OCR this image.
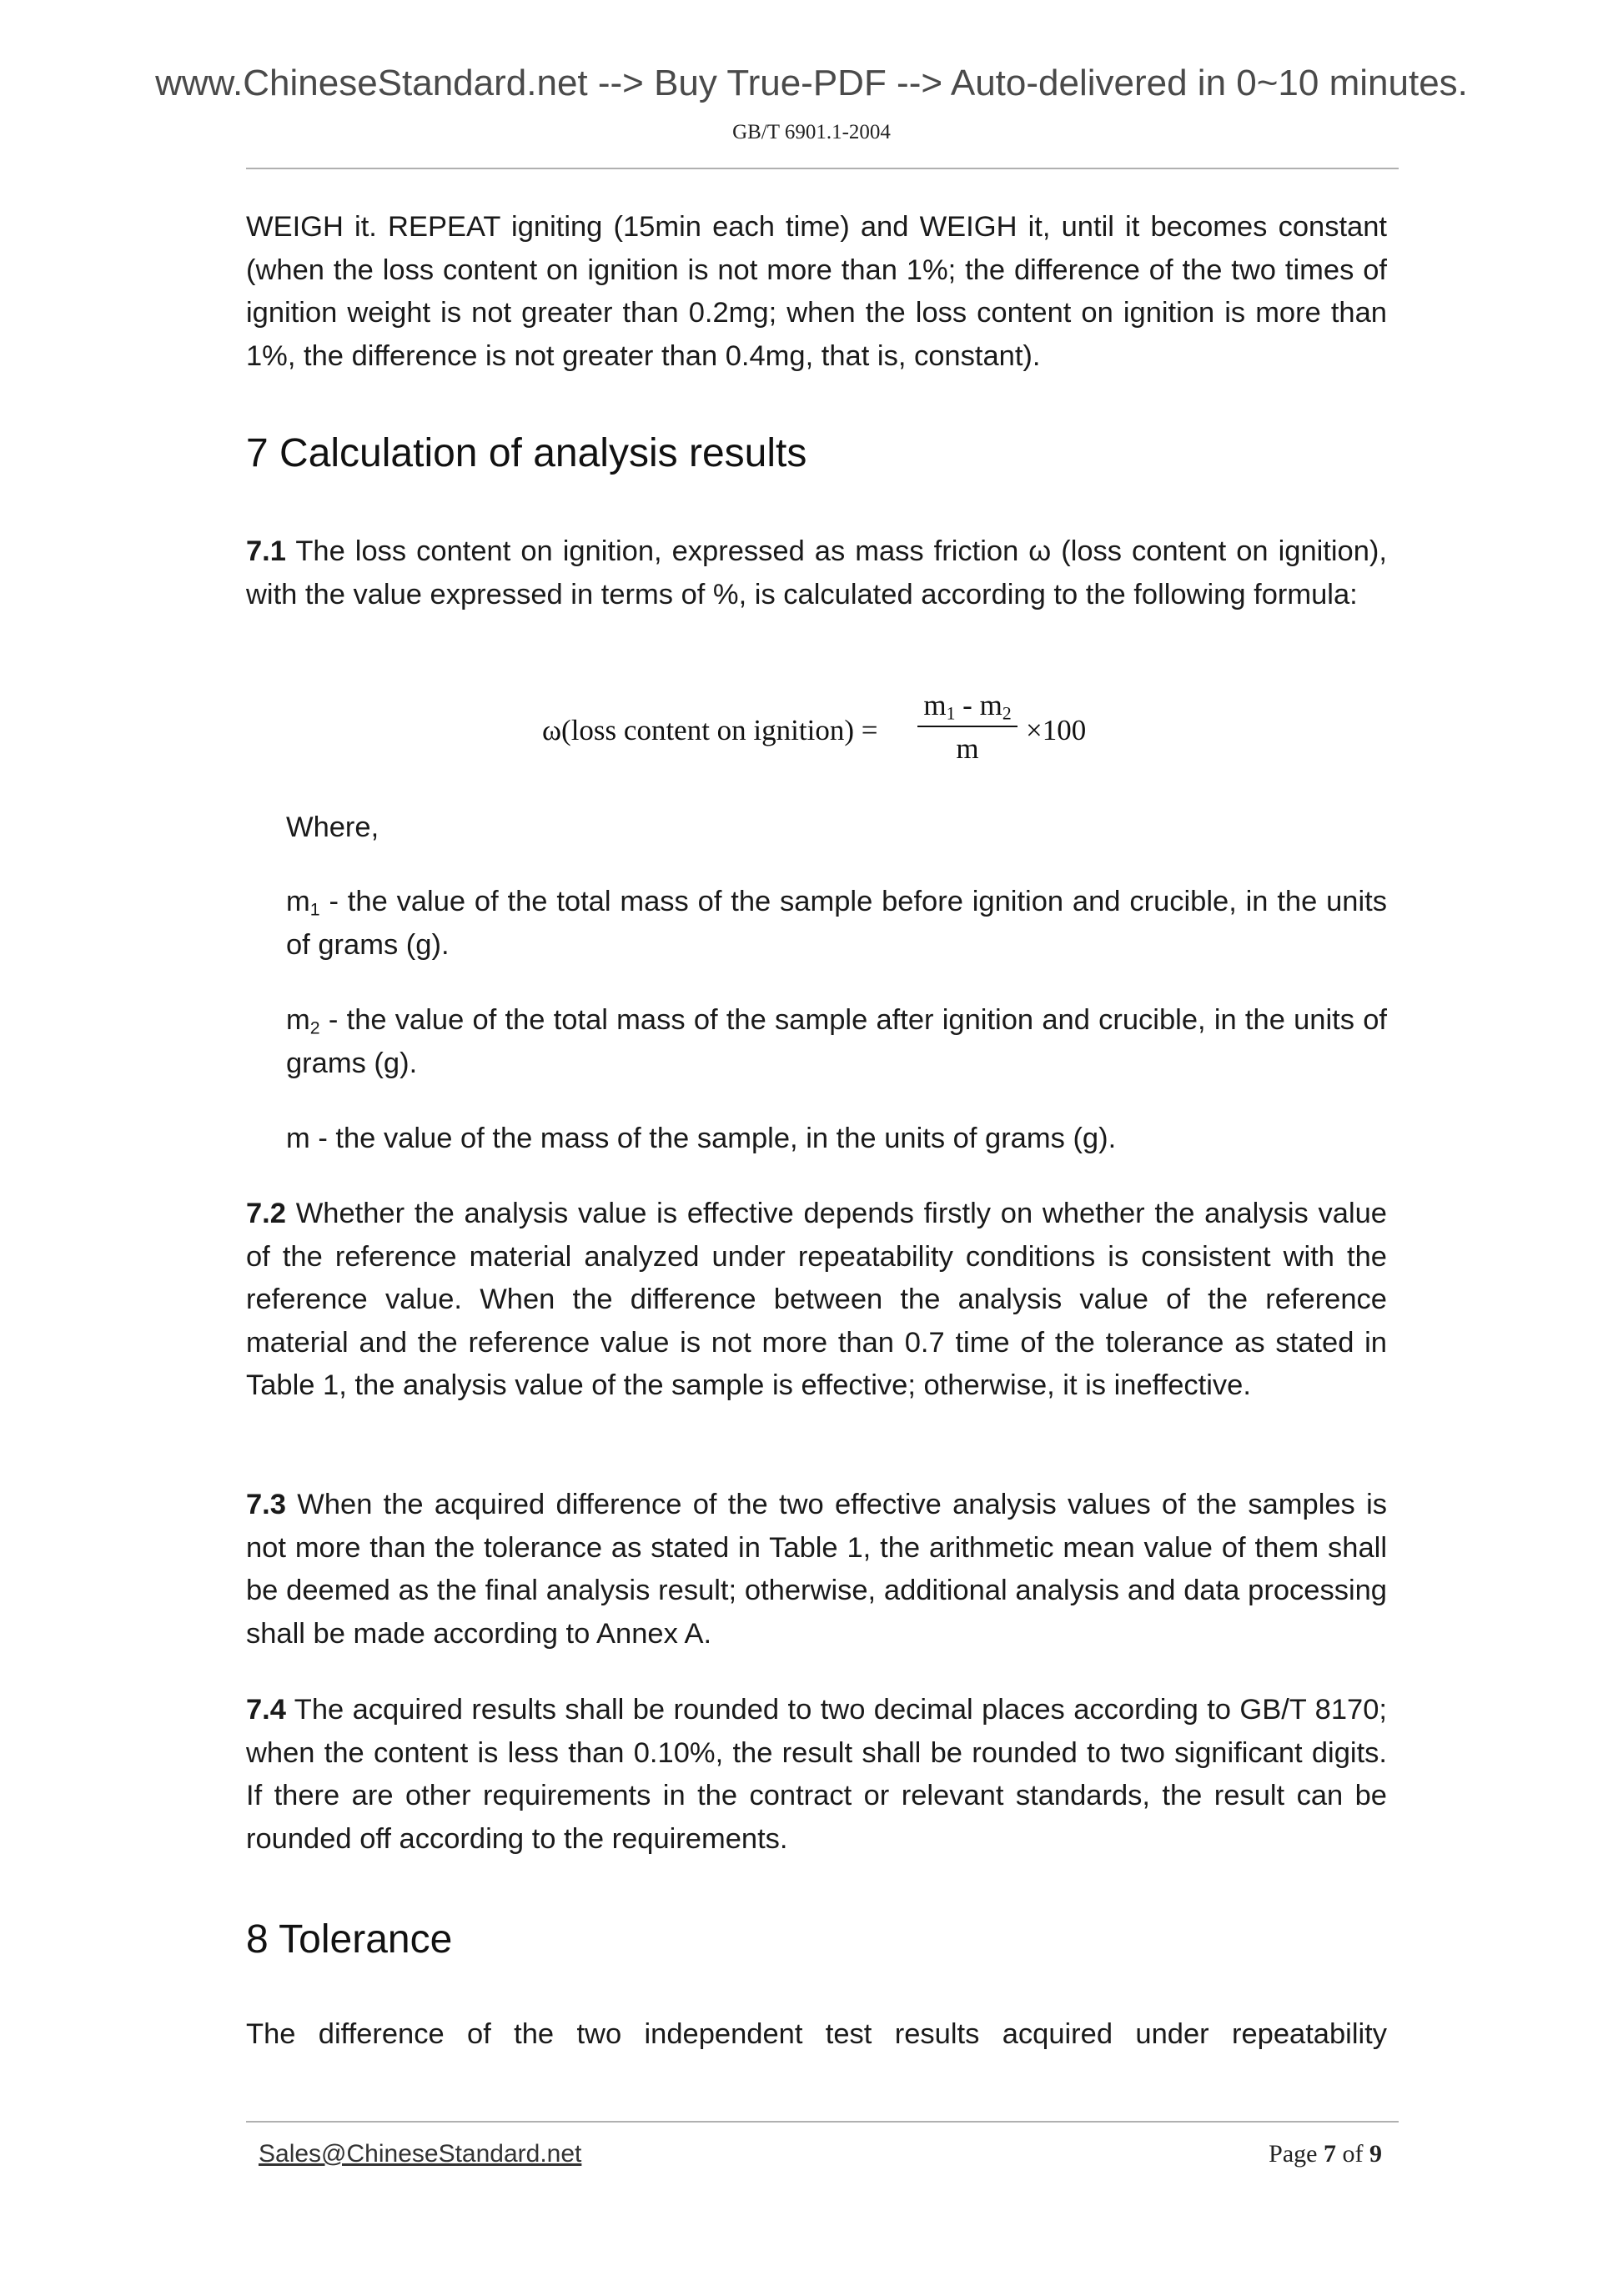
www.ChineseStandard.net --> Buy True-PDF --> Auto-delivered in 0~10 minutes.
GB/T 6901.1-2004

WEIGH it. REPEAT igniting (15min each time) and WEIGH it, until it becomes constant (when the loss content on ignition is not more than 1%; the difference of the two times of ignition weight is not greater than 0.2mg; when the loss content on ignition is more than 1%, the difference is not greater than 0.4mg, that is, constant).

7 Calculation of analysis results

7.1 The loss content on ignition, expressed as mass friction ω (loss content on ignition), with the value expressed in terms of %, is calculated according to the following formula:

Where,

$m_1$ - the value of the total mass of the sample before ignition and crucible, in the units of grams (g).

$m_2$ - the value of the total mass of the sample after ignition and crucible, in the units of grams (g).

m - the value of the mass of the sample, in the units of grams (g).

7.2 Whether the analysis value is effective depends firstly on whether the analysis value of the reference material analyzed under repeatability conditions is consistent with the reference value. When the difference between the analysis value of the reference material and the reference value is not more than 0.7 time of the tolerance as stated in Table 1, the analysis value of the sample is effective; otherwise, it is ineffective.

7.3 When the acquired difference of the two effective analysis values of the samples is not more than the tolerance as stated in Table 1, the arithmetic mean value of them shall be deemed as the final analysis result; otherwise, additional analysis and data processing shall be made according to Annex A.

7.4 The acquired results shall be rounded to two decimal places according to GB/T 8170; when the content is less than 0.10%, the result shall be rounded to two significant digits. If there are other requirements in the contract or relevant standards, the result can be rounded off according to the requirements.

8 Tolerance

The difference of the two independent test results acquired under repeatability

ω(loss content on ignition) =
$m_1 - m_2$
m
×100
Sales@ChineseStandard.net	Page 7 of 9
